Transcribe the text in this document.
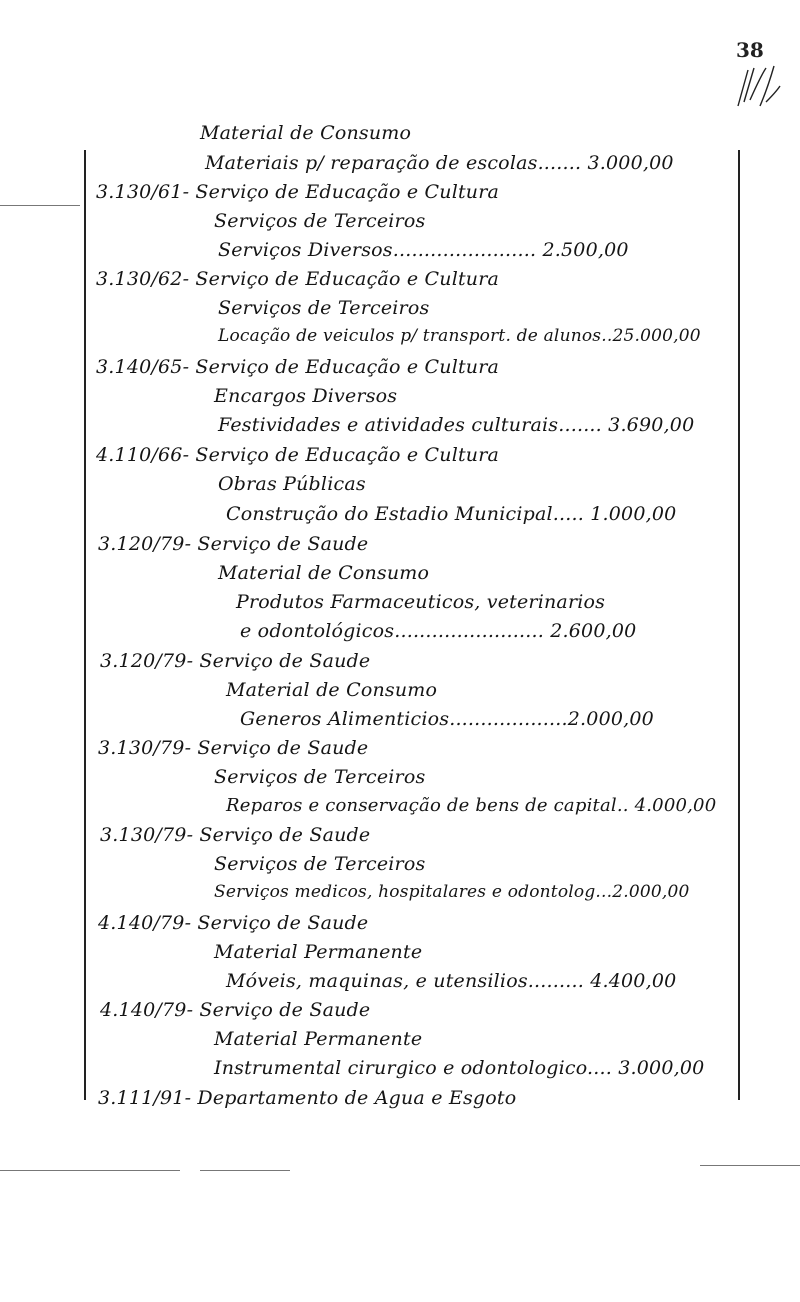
38
Material de Consumo
Materiais p/ reparação de escolas....... 3.000,00
3.130/61- Serviço de Educação e Cultura
Serviços de Terceiros
Serviços Diversos....................... 2.500,00
3.130/62- Serviço de Educação e Cultura
Serviços de Terceiros
Locação de veiculos p/ transport. de alunos..25.000,00
3.140/65- Serviço de Educação e Cultura
Encargos Diversos
Festividades e atividades culturais....... 3.690,00
4.110/66- Serviço de Educação e Cultura
Obras Públicas
Construção do Estadio Municipal..... 1.000,00
3.120/79- Serviço de Saude
Material de Consumo
Produtos Farmaceuticos, veterinarios
e odontológicos........................ 2.600,00
3.120/79- Serviço de Saude
Material de Consumo
Generos Alimenticios...................2.000,00
3.130/79- Serviço de Saude
Serviços de Terceiros
Reparos e conservação de bens de capital.. 4.000,00
3.130/79- Serviço de Saude
Serviços de Terceiros
Serviços medicos, hospitalares e odontolog...2.000,00
4.140/79- Serviço de Saude
Material Permanente
Móveis, maquinas, e utensilios......... 4.400,00
4.140/79- Serviço de Saude
Material Permanente
Instrumental cirurgico e odontologico.... 3.000,00
3.111/91- Departamento de Agua e Esgoto
